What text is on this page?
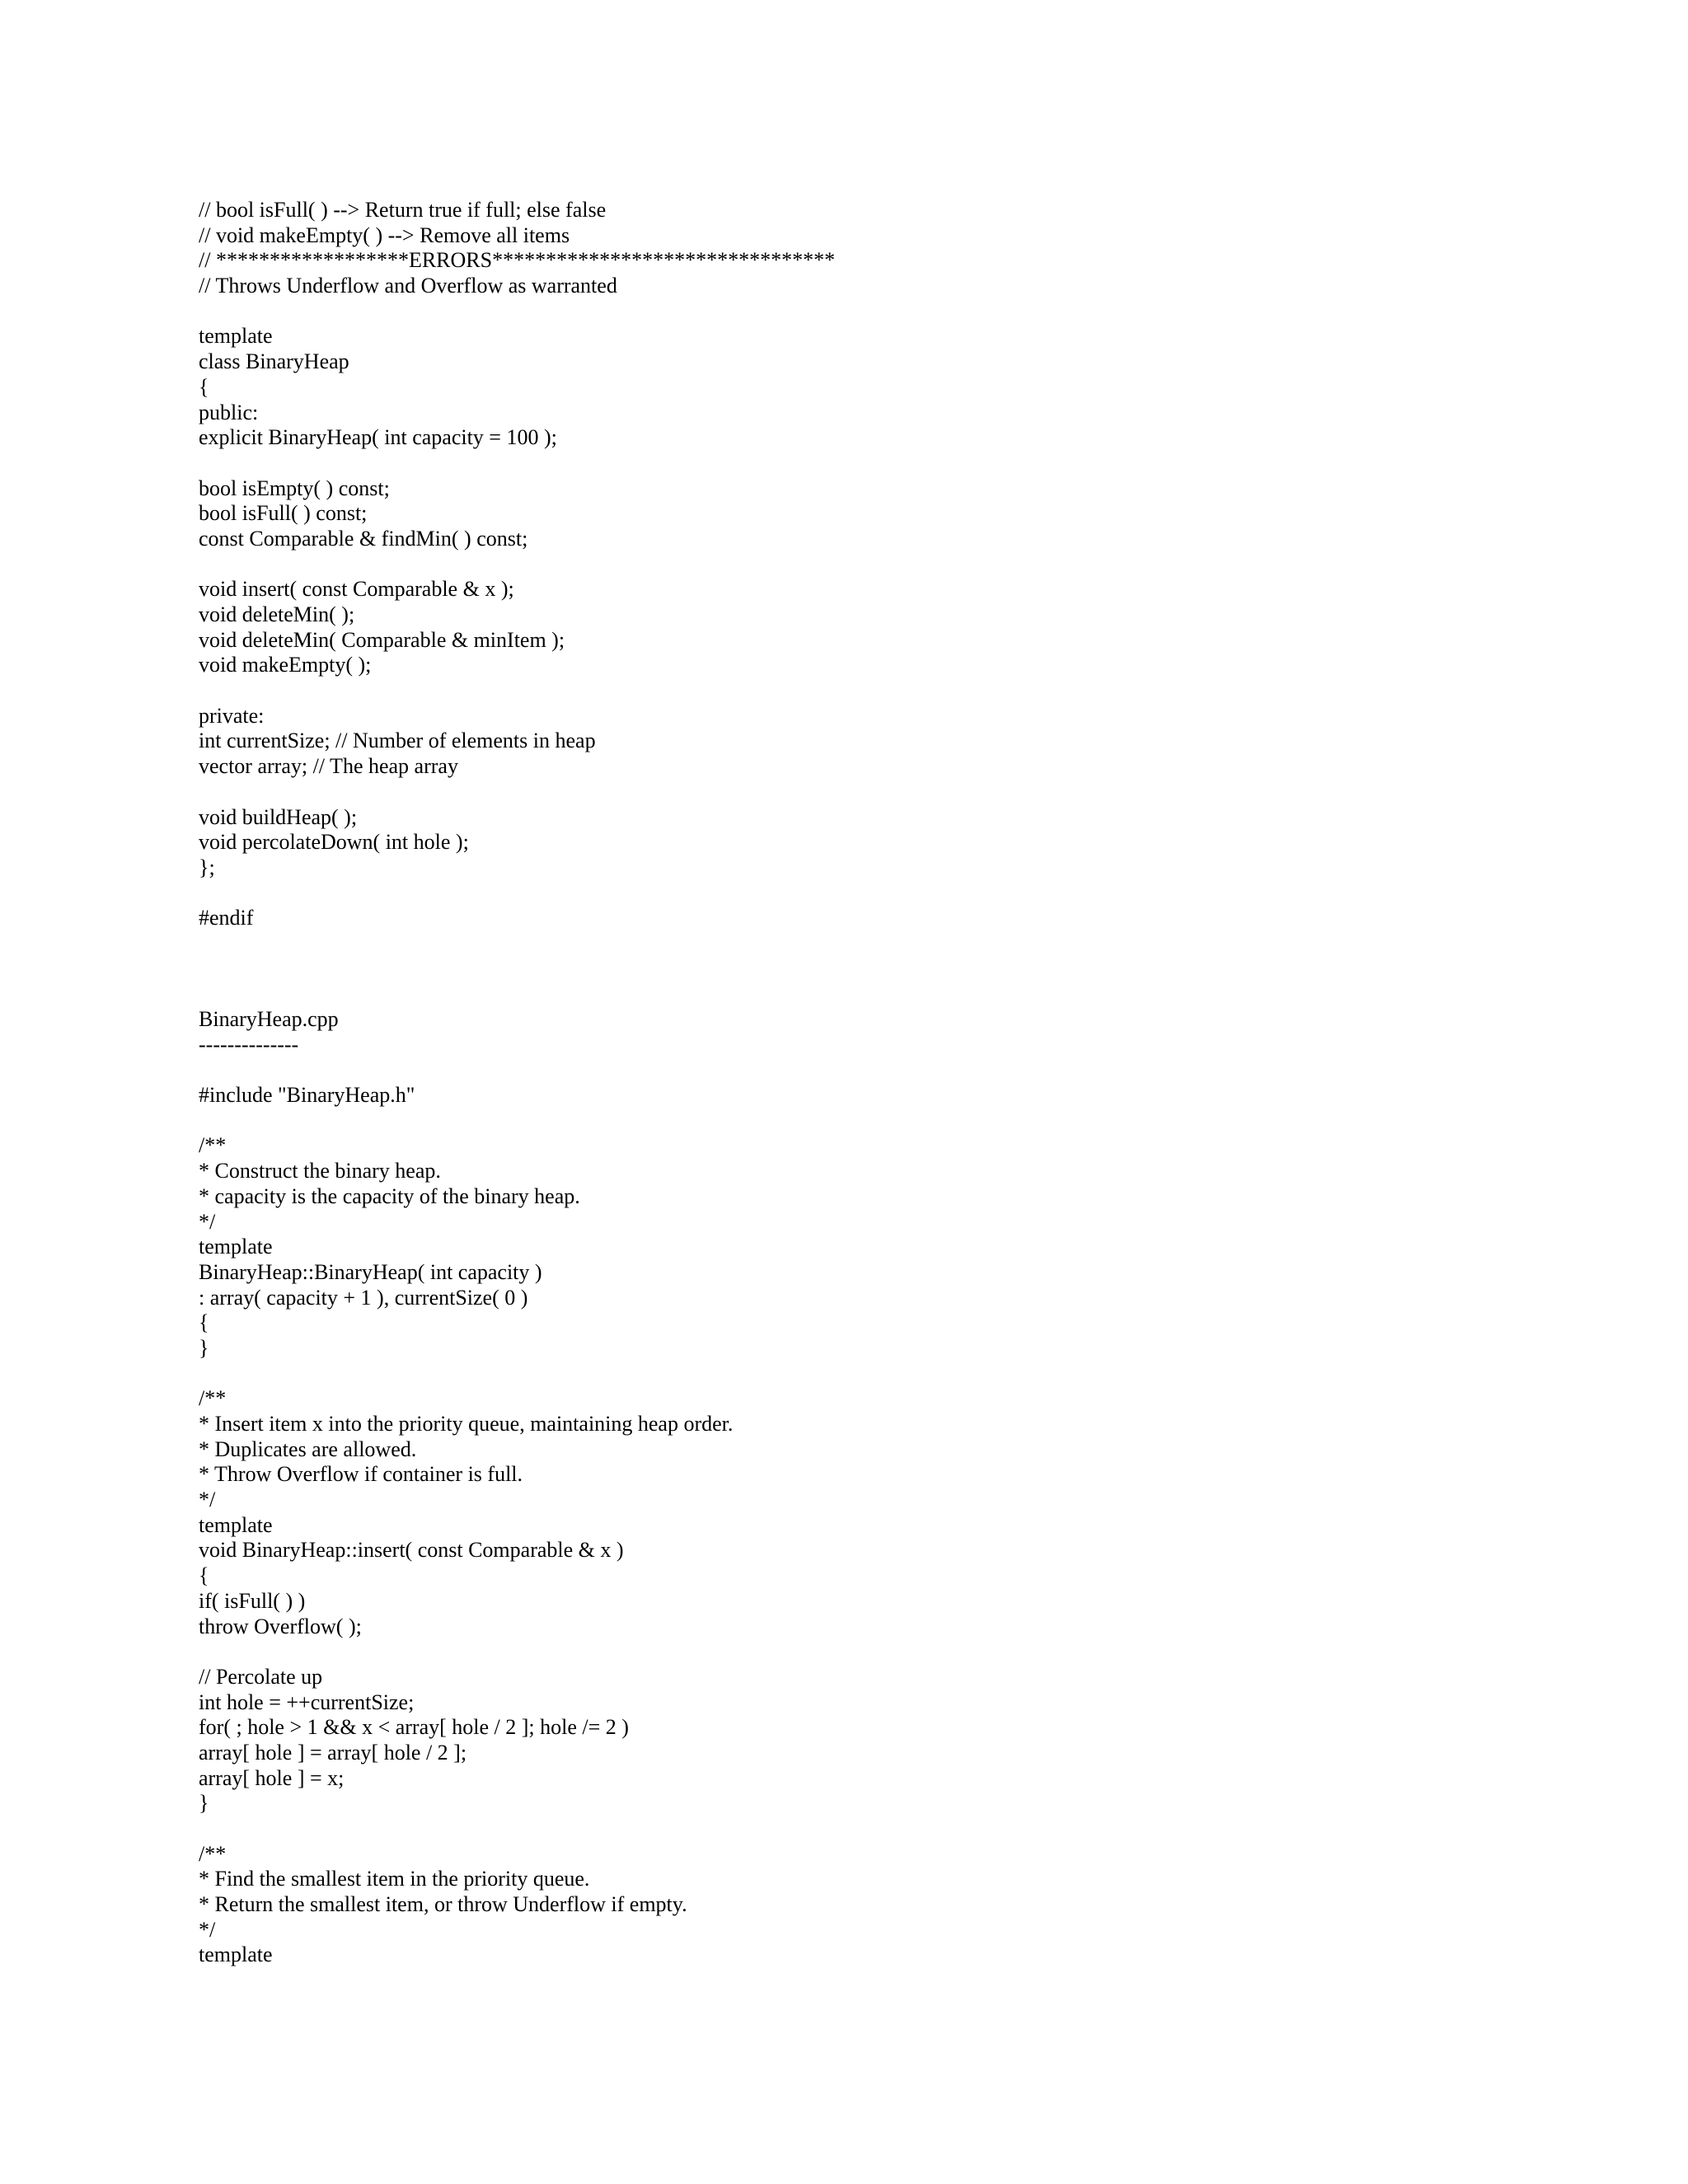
// bool isFull( ) --> Return true if full; else false
// void makeEmpty( ) --> Remove all items
// ******************ERRORS********************************
// Throws Underflow and Overflow as warranted
template
class BinaryHeap
{
public:
explicit BinaryHeap( int capacity = 100 );
bool isEmpty( ) const;
bool isFull( ) const;
const Comparable & findMin( ) const;
void insert( const Comparable & x );
void deleteMin( );
void deleteMin( Comparable & minItem );
void makeEmpty( );
private:
int currentSize; // Number of elements in heap
vector array; // The heap array
void buildHeap( );
void percolateDown( int hole );
};
#endif
BinaryHeap.cpp
--------------
#include "BinaryHeap.h"
/**
* Construct the binary heap.
* capacity is the capacity of the binary heap.
*/
template
BinaryHeap::BinaryHeap( int capacity )
: array( capacity + 1 ), currentSize( 0 )
{
}
/**
* Insert item x into the priority queue, maintaining heap order.
* Duplicates are allowed.
* Throw Overflow if container is full.
*/
template
void BinaryHeap::insert( const Comparable & x )
{
if( isFull( ) )
throw Overflow( );
// Percolate up
int hole = ++currentSize;
for( ; hole > 1 && x < array[ hole / 2 ]; hole /= 2 )
array[ hole ] = array[ hole / 2 ];
array[ hole ] = x;
}
/**
* Find the smallest item in the priority queue.
* Return the smallest item, or throw Underflow if empty.
*/
template
